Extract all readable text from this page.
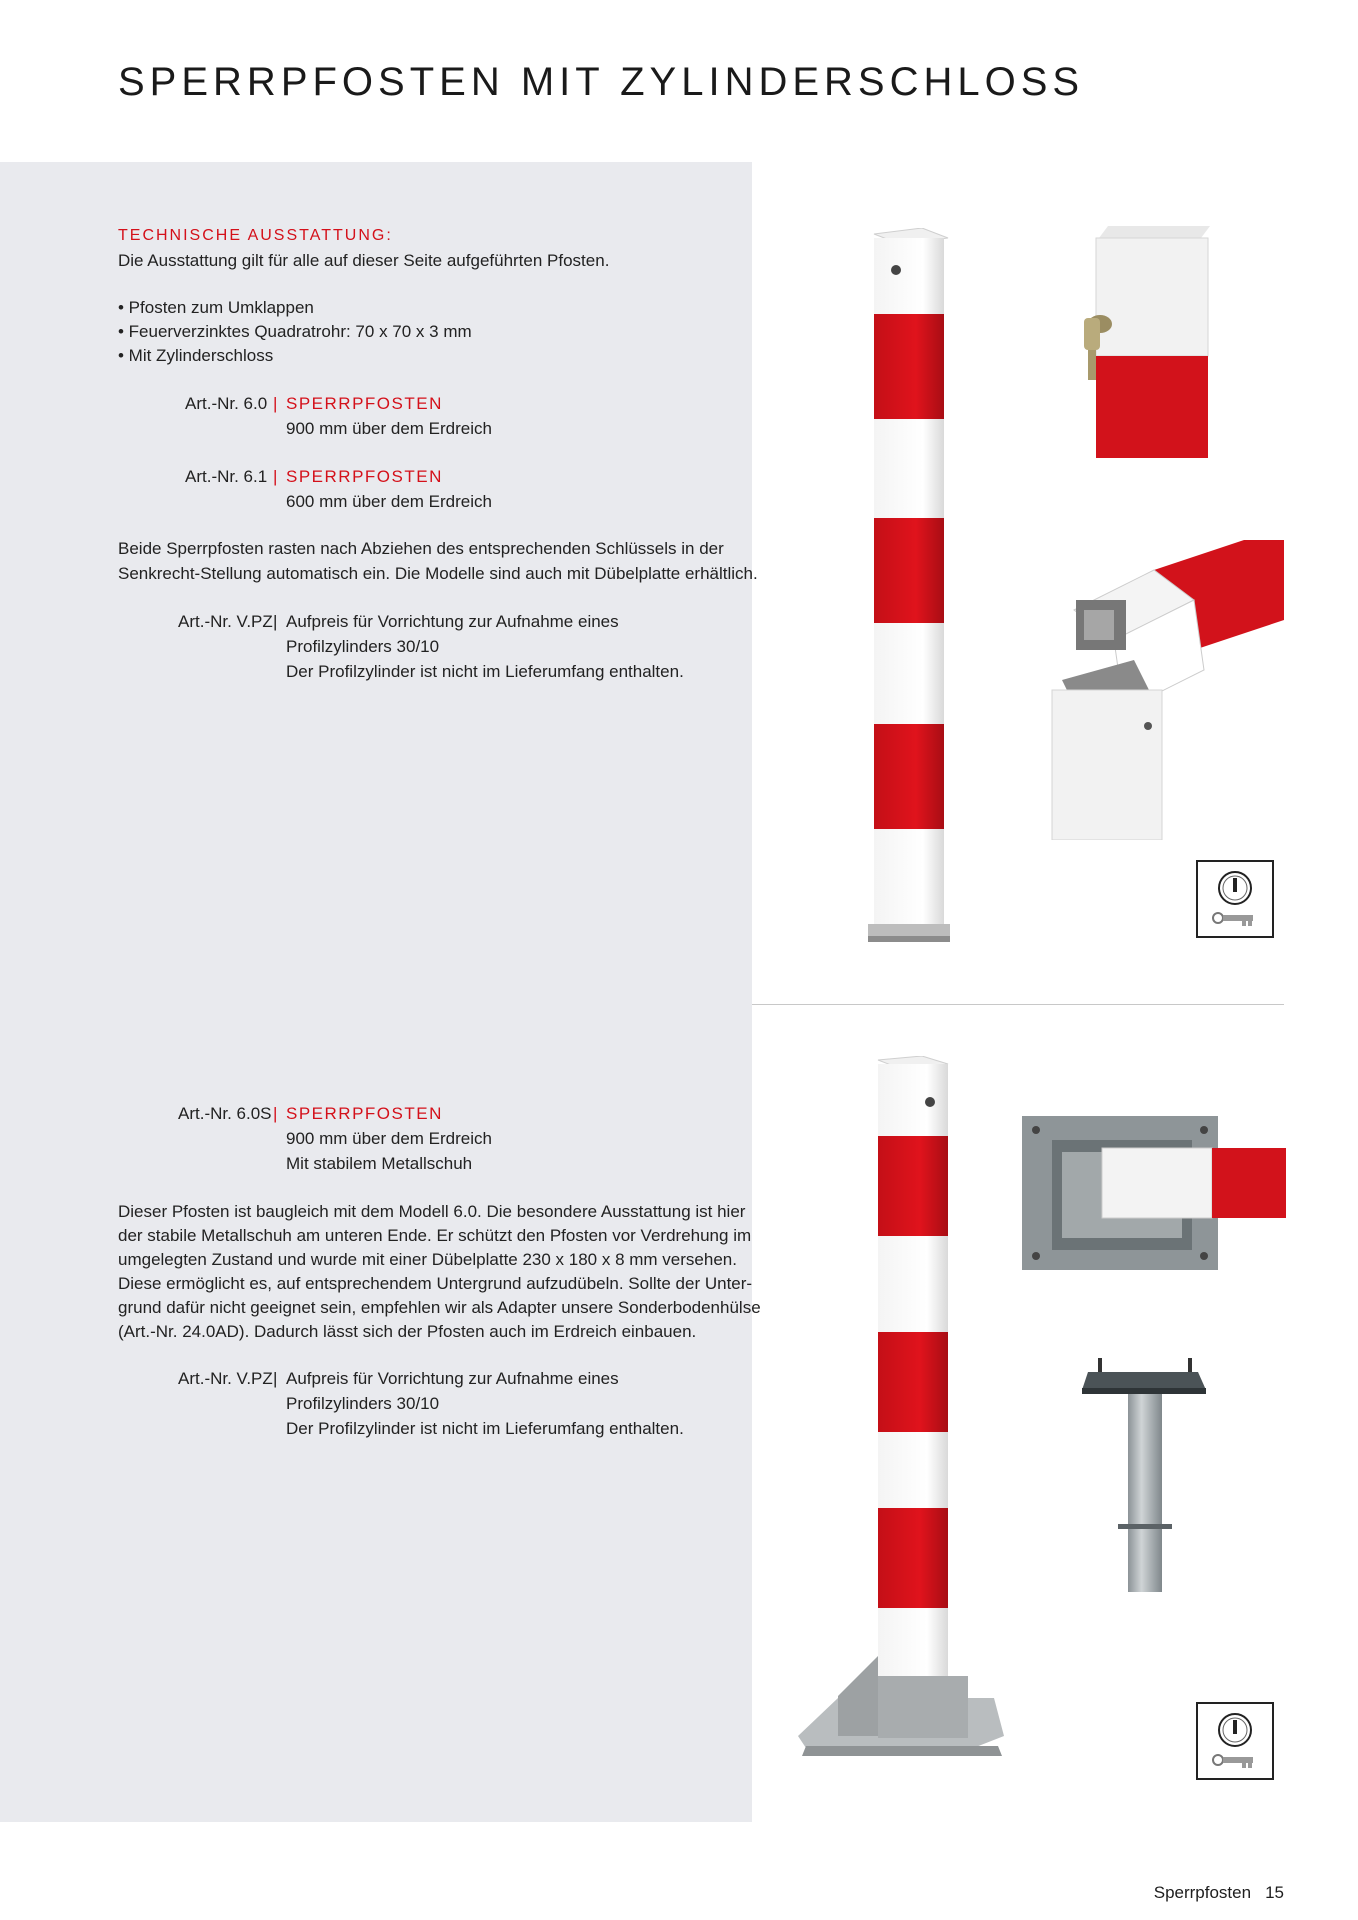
SPERRPFOSTEN MIT ZYLINDERSCHLOSS
TECHNISCHE AUSSTATTUNG:
Die Ausstattung gilt für alle auf dieser Seite aufgeführten Pfosten.
• Pfosten zum Umklappen
• Feuerverzinktes Quadratrohr: 70 x 70 x 3 mm
• Mit Zylinderschloss
Art.-Nr. 6.0 | SPERRPFOSTEN
900 mm über dem Erdreich
Art.-Nr. 6.1 | SPERRPFOSTEN
600 mm über dem Erdreich
Beide Sperrpfosten rasten nach Abziehen des entsprechenden Schlüssels in der
Senkrecht-Stellung automatisch ein. Die Modelle sind auch mit Dübelplatte erhältlich.
Art.-Nr. V.PZ | Aufpreis für Vorrichtung zur Aufnahme eines
Profilzylinders 30/10
Der Profilzylinder ist nicht im Lieferumfang enthalten.
Art.-Nr. 6.0S | SPERRPFOSTEN
900 mm über dem Erdreich
Mit stabilem Metallschuh
Dieser Pfosten ist baugleich mit dem Modell 6.0. Die besondere Ausstattung ist hier
der stabile Metallschuh am unteren Ende. Er schützt den Pfosten vor Verdrehung im
umgelegten Zustand und wurde mit einer Dübelplatte 230 x 180 x 8 mm versehen.
Diese ermöglicht es, auf entsprechendem Untergrund aufzudübeln. Sollte der Unter-
grund dafür nicht geeignet sein, empfehlen wir als Adapter unsere Sonderbodenhülse
(Art.-Nr. 24.0AD). Dadurch lässt sich der Pfosten auch im Erdreich einbauen.
Art.-Nr. V.PZ | Aufpreis für Vorrichtung zur Aufnahme eines
Profilzylinders 30/10
Der Profilzylinder ist nicht im Lieferumfang enthalten.
Sperrpfosten 15
